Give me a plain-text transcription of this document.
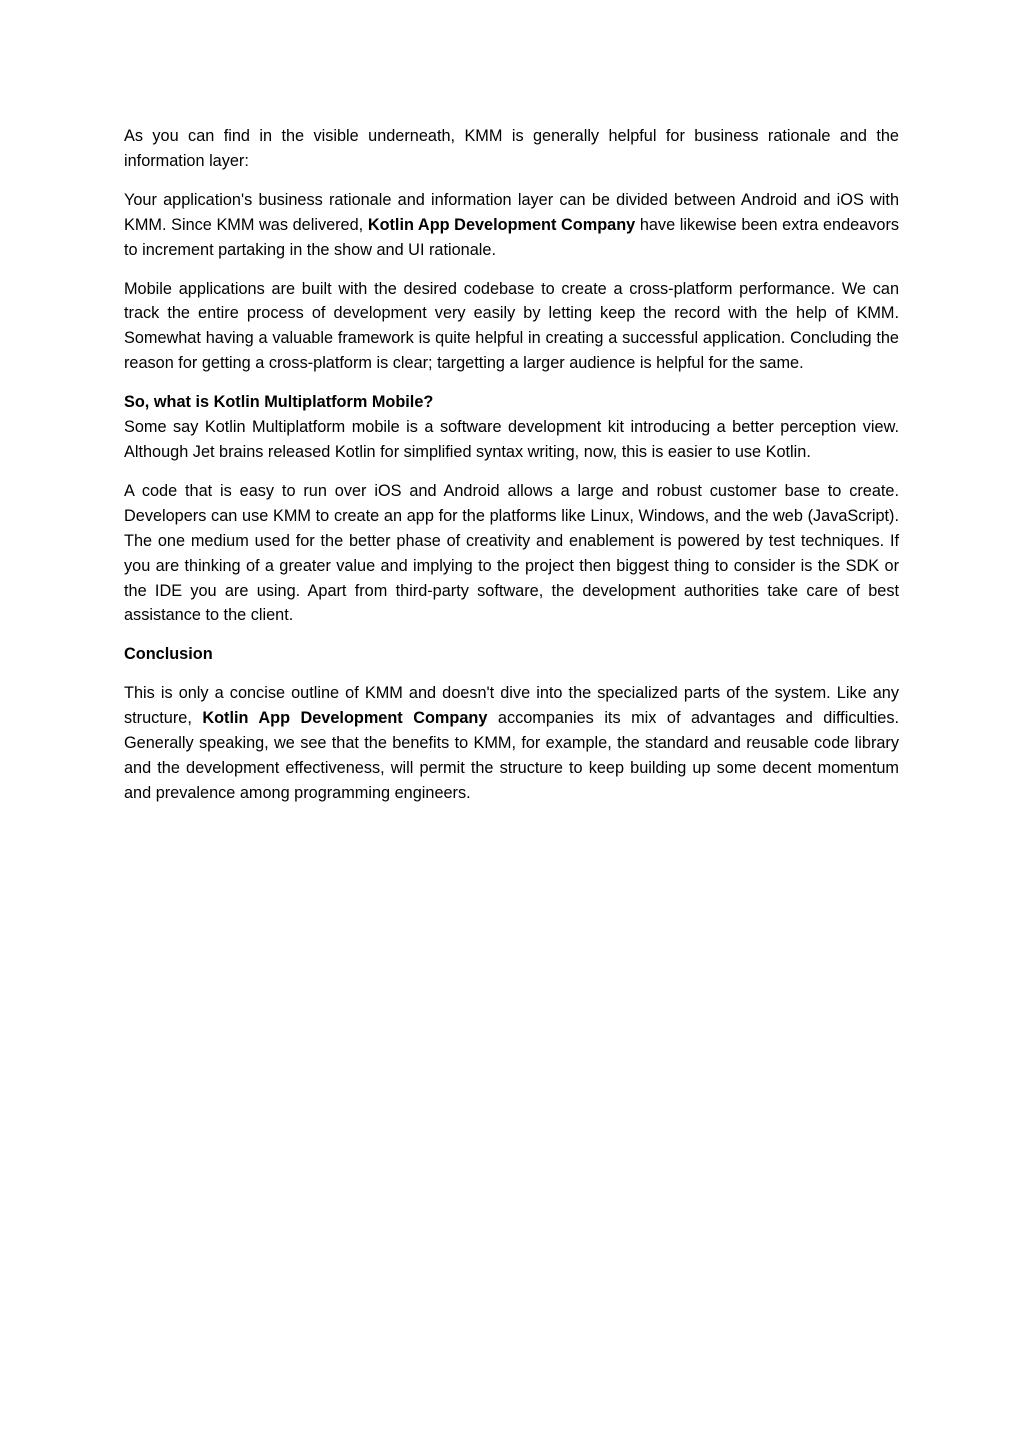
As you can find in the visible underneath, KMM is generally helpful for business rationale and the information layer:

Your application's business rationale and information layer can be divided between Android and iOS with KMM. Since KMM was delivered, Kotlin App Development Company have likewise been extra endeavors to increment partaking in the show and UI rationale.

Mobile applications are built with the desired codebase to create a cross-platform performance. We can track the entire process of development very easily by letting keep the record with the help of KMM. Somewhat having a valuable framework is quite helpful in creating a successful application. Concluding the reason for getting a cross-platform is clear; targetting a larger audience is helpful for the same.

So, what is Kotlin Multiplatform Mobile?

Some say Kotlin Multiplatform mobile is a software development kit introducing a better perception view. Although Jet brains released Kotlin for simplified syntax writing, now, this is easier to use Kotlin.

A code that is easy to run over iOS and Android allows a large and robust customer base to create. Developers can use KMM to create an app for the platforms like Linux, Windows, and the web (JavaScript). The one medium used for the better phase of creativity and enablement is powered by test techniques. If you are thinking of a greater value and implying to the project then biggest thing to consider is the SDK or the IDE you are using. Apart from third-party software, the development authorities take care of best assistance to the client.

Conclusion

This is only a concise outline of KMM and doesn't dive into the specialized parts of the system. Like any structure, Kotlin App Development Company accompanies its mix of advantages and difficulties. Generally speaking, we see that the benefits to KMM, for example, the standard and reusable code library and the development effectiveness, will permit the structure to keep building up some decent momentum and prevalence among programming engineers.
